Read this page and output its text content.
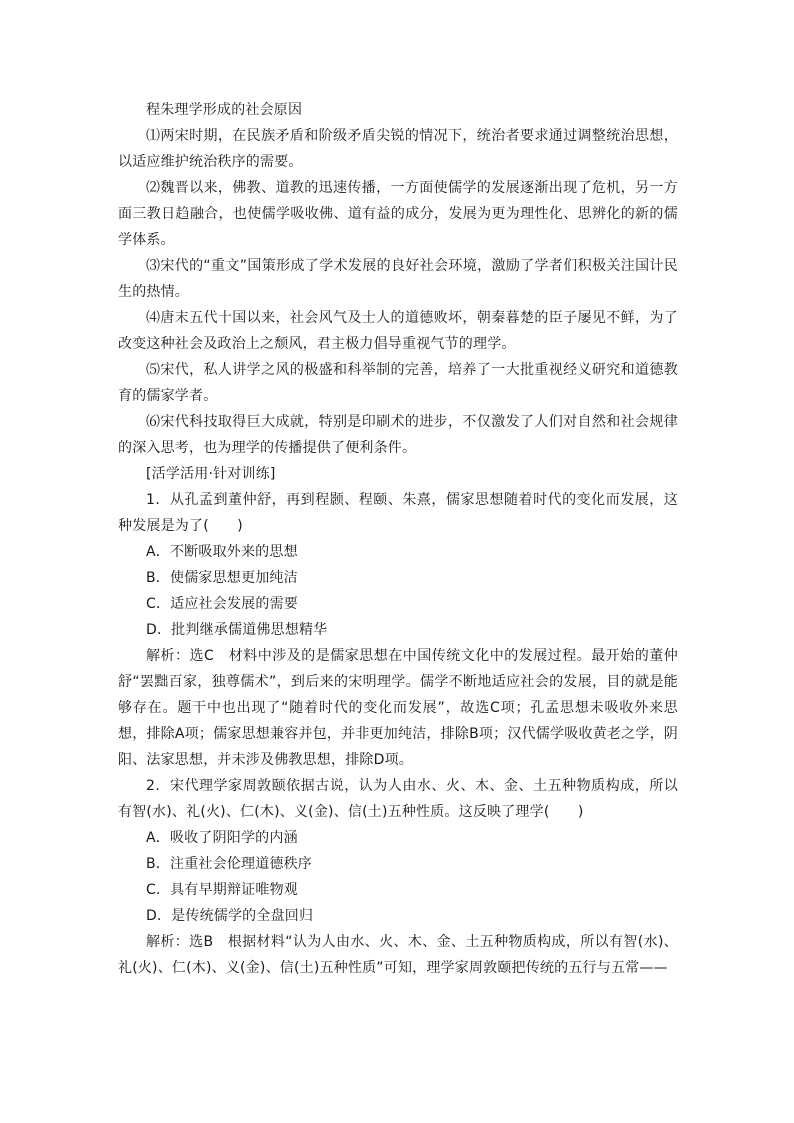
程朱理学形成的社会原因

⑴两宋时期，在民族矛盾和阶级矛盾尖锐的情况下，统治者要求通过调整统治思想，以适应维护统治秩序的需要。

⑵魏晋以来，佛教、道教的迅速传播，一方面使儒学的发展逐渐出现了危机，另一方面三教日趋融合，也使儒学吸收佛、道有益的成分，发展为更为理性化、思辨化的新的儒学体系。

⑶宋代的“重文”国策形成了学术发展的良好社会环境，激励了学者们积极关注国计民生的热情。

⑷唐末五代十国以来，社会风气及士人的道德败坏，朝秦暮楚的臣子屡见不鲜，为了改变这种社会及政治上之颓风，君主极力倡导重视气节的理学。

⑸宋代，私人讲学之风的极盛和科举制的完善，培养了一大批重视经义研究和道德教育的儒家学者。

⑹宋代科技取得巨大成就，特别是印刷术的进步，不仅激发了人们对自然和社会规律的深入思考，也为理学的传播提供了便利条件。

[活学活用·针对训练]

1．从孔孟到董仲舒，再到程颢、程颐、朱熹，儒家思想随着时代的变化而发展，这种发展是为了(　　)

A．不断吸取外来的思想

B．使儒家思想更加纯洁

C．适应社会发展的需要

D．批判继承儒道佛思想精华

解析：选C　材料中涉及的是儒家思想在中国传统文化中的发展过程。最开始的董仲舒“罢黜百家，独尊儒术”，到后来的宋明理学。儒学不断地适应社会的发展，目的就是能够存在。题干中也出现了“随着时代的变化而发展”，故选C项；孔孟思想未吸收外来思想，排除A项；儒家思想兼容并包，并非更加纯洁，排除B项；汉代儒学吸收黄老之学，阴阳、法家思想，并未涉及佛教思想，排除D项。

2．宋代理学家周敦颐依据古说，认为人由水、火、木、金、土五种物质构成，所以有智(水)、礼(火)、仁(木)、义(金)、信(土)五种性质。这反映了理学(　　)

A．吸收了阴阳学的内涵

B．注重社会伦理道德秩序

C．具有早期辩证唯物观

D．是传统儒学的全盘回归

解析：选B　根据材料“认为人由水、火、木、金、土五种物质构成，所以有智(水)、礼(火)、仁(木)、义(金)、信(土)五种性质”可知，理学家周敦颐把传统的五行与五常——
